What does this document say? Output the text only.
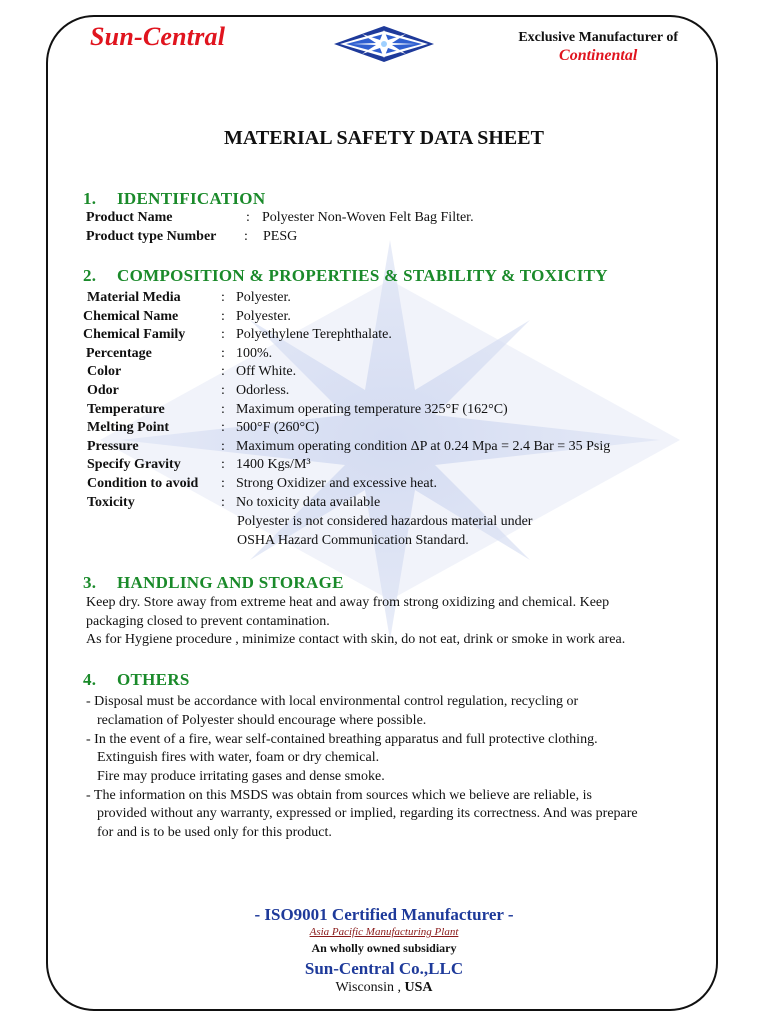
Sun-Central	Exclusive Manufacturer of
Continental
MATERIAL SAFETY DATA SHEET
1. IDENTIFICATION
Product Name	: Polyester Non-Woven Felt Bag Filter.
Product type Number : PESG
2. COMPOSITION & PROPERTIES & STABILITY & TOXICITY
Material Media	: Polyester.
Chemical Name	: Polyester.
Chemical Family	: Polyethylene Terephthalate.
Percentage	: 100%.
Color	: Off White.
Odor	: Odorless.
Temperature	: Maximum operating temperature 325°F (162°C)
Melting Point	: 500°F (260°C)
Pressure	: Maximum operating condition ΔP at 0.24 Mpa = 2.4 Bar = 35 Psig
Specify Gravity	: 1400 Kgs/M³
Condition to avoid : Strong Oxidizer and excessive heat.
Toxicity	: No toxicity data available
Polyester is not considered hazardous material under
OSHA Hazard Communication Standard.
3. HANDLING AND STORAGE
Keep dry. Store away from extreme heat and away from strong oxidizing and chemical. Keep
packaging closed to prevent contamination.
As for Hygiene procedure , minimize contact with skin, do not eat, drink or smoke in work area.
4. OTHERS
- Disposal must be accordance with local environmental control regulation, recycling or
reclamation of Polyester should encourage where possible.
- In the event of a fire, wear self-contained breathing apparatus and full protective clothing.
Extinguish fires with water, foam or dry chemical.
Fire may produce irritating gases and dense smoke.
- The information on this MSDS was obtain from sources which we believe are reliable, is
provided without any warranty, expressed or implied, regarding its correctness. And was prepare
for and is to be used only for this product.
- ISO9001 Certified Manufacturer -
Asia Pacific Manufacturing Plant
An wholly owned subsidiary
Sun-Central Co.,LLC
Wisconsin , USA
